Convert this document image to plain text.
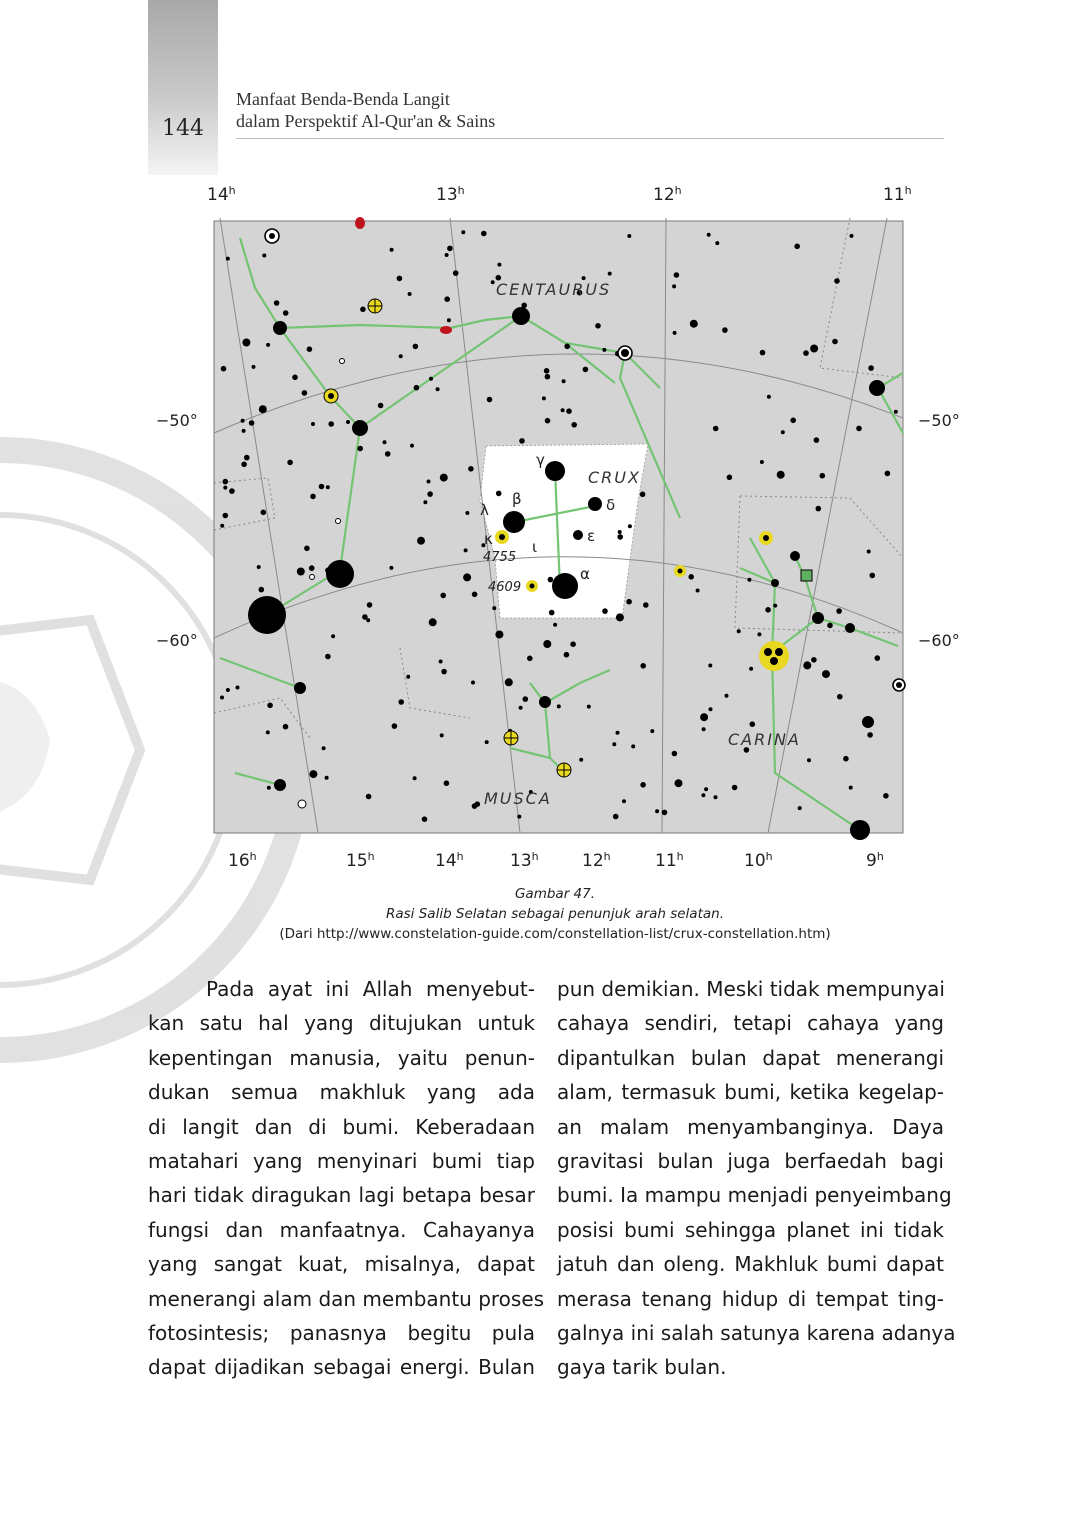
144
Manfaat Benda-Benda Langit
dalam Perspektif Al-Qur'an & Sains
14$^h$	13$^h$	12$^h$	11$^h$
16$^h$	15$^h$	14$^h$	13$^h$	12$^h$	11$^h$	10$^h$	$9^h$
−50°	−50°
−60°	−60°
CENTAURUS
CRUX
CARINA
MUSCA
γ
β	δ
λ
κ	ε
ι
α
4755
4609
Gambar 47.
Rasi Salib Selatan sebagai penunjuk arah selatan.
(Dari http://www.constelation-guide.com/constellation-list/crux-constellation.htm)
Pada ayat ini Allah menyebut-
kan satu hal yang ditujukan untuk
kepentingan manusia, yaitu penun-
dukan semua makhluk yang ada
di langit dan di bumi. Keberadaan
matahari yang menyinari bumi tiap
hari tidak diragukan lagi betapa besar
fungsi dan manfaatnya. Cahayanya
yang sangat kuat, misalnya, dapat
menerangi alam dan membantu proses
fotosintesis; panasnya begitu pula
dapat dijadikan sebagai energi. Bulan
pun demikian. Meski tidak mempunyai
cahaya sendiri, tetapi cahaya yang
dipantulkan bulan dapat menerangi
alam, termasuk bumi, ketika kegelap-
an malam menyambanginya. Daya
gravitasi bulan juga berfaedah bagi
bumi. Ia mampu menjadi penyeimbang
posisi bumi sehingga planet ini tidak
jatuh dan oleng. Makhluk bumi dapat
merasa tenang hidup di tempat ting-
galnya ini salah satunya karena adanya
gaya tarik bulan.
